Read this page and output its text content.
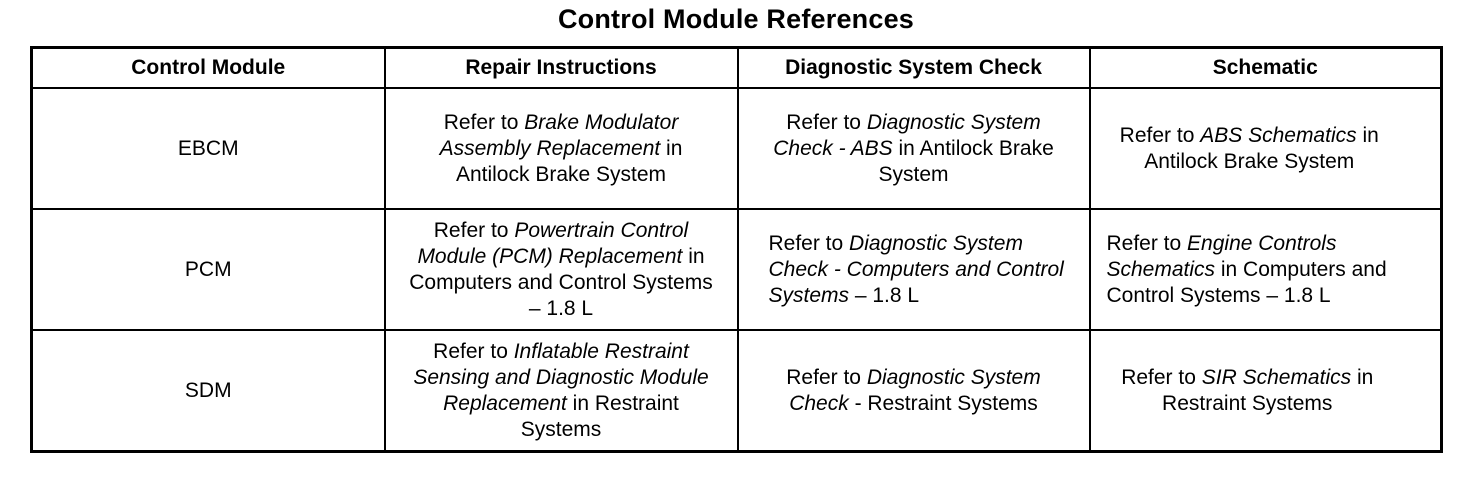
Control Module References
Control Module	Repair Instructions	Diagnostic System Check	Schematic
EBCM	Refer to Brake Modulator Assembly Replacement in Antilock Brake System	Refer to Diagnostic System Check - ABS in Antilock Brake System	Refer to ABS Schematics in Antilock Brake System
PCM	Refer to Powertrain Control Module (PCM) Replacement in Computers and Control Systems – 1.8 L	Refer to Diagnostic System Check - Computers and Control Systems – 1.8 L	Refer to Engine Controls Schematics in Computers and Control Systems – 1.8 L
SDM	Refer to Inflatable Restraint Sensing and Diagnostic Module Replacement in Restraint Systems	Refer to Diagnostic System Check - Restraint Systems	Refer to SIR Schematics in Restraint Systems
